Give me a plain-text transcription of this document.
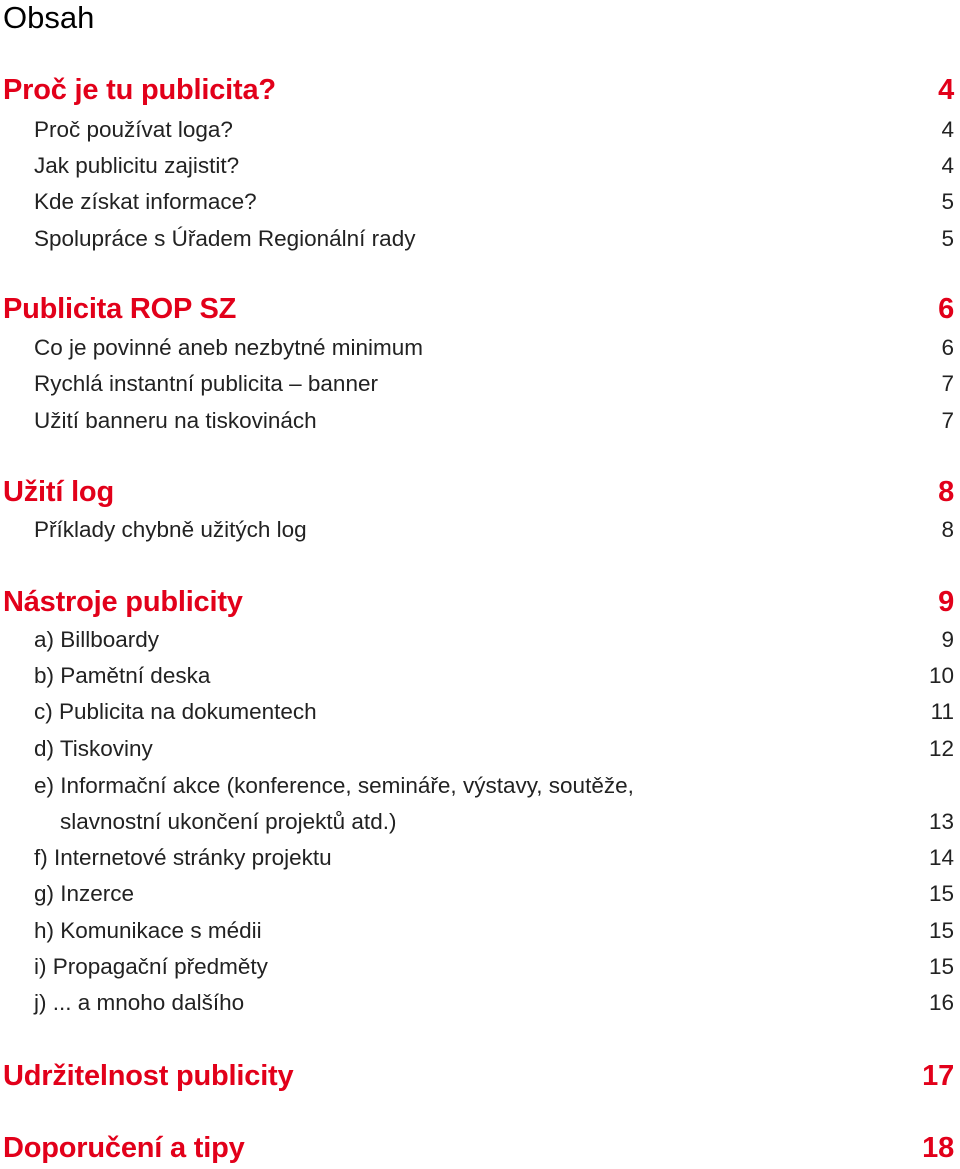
Obsah
Proč je tu publicita?	4
Proč používat loga?	4
Jak publicitu zajistit?	4
Kde získat informace?	5
Spolupráce s Úřadem Regionální rady	5
Publicita ROP SZ	6
Co je povinné aneb nezbytné minimum	6
Rychlá instantní publicita – banner	7
Užití banneru na tiskovinách	7
Užití log	8
Příklady chybně užitých log	8
Nástroje publicity	9
a) Billboardy	9
b) Pamětní deska	10
c) Publicita na dokumentech	11
d) Tiskoviny	12
e) Informační akce (konference, semináře, výstavy, soutěže,
slavnostní ukončení projektů atd.)	13
f) Internetové stránky projektu	14
g) Inzerce	15
h) Komunikace s médii	15
i) Propagační předměty	15
j) ... a mnoho dalšího	16
Udržitelnost publicity	17
Doporučení a tipy	18
